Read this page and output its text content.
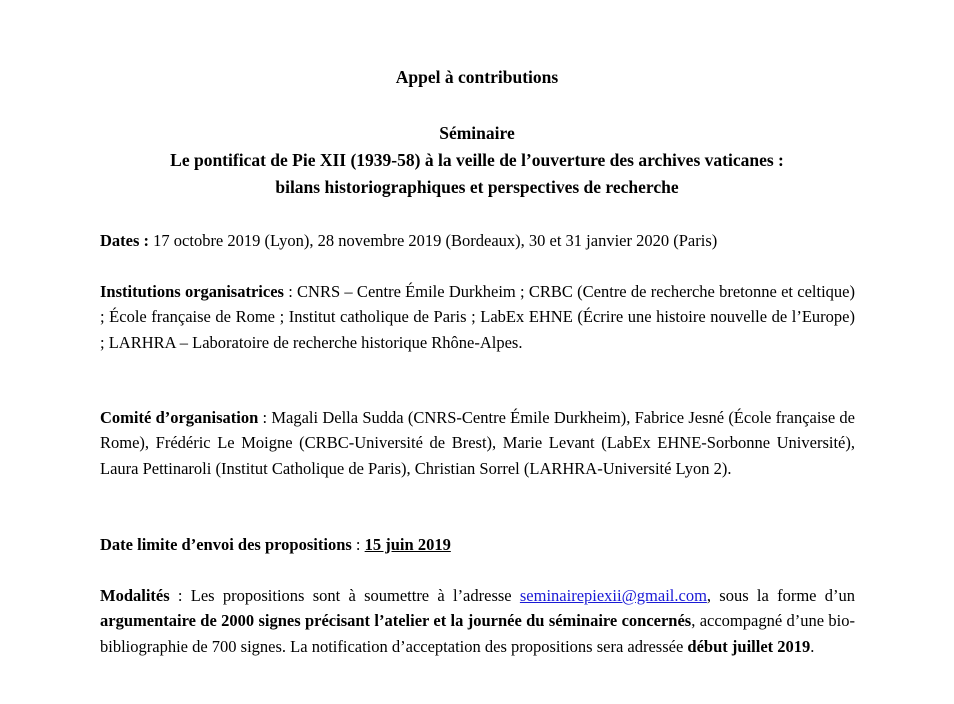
Appel à contributions
Séminaire
Le pontificat de Pie XII (1939-58) à la veille de l’ouverture des archives vaticanes :
bilans historiographiques et perspectives de recherche
Dates : 17 octobre 2019 (Lyon), 28 novembre 2019 (Bordeaux), 30 et 31 janvier 2020 (Paris)
Institutions organisatrices : CNRS – Centre Émile Durkheim ; CRBC (Centre de recherche bretonne et celtique) ; École française de Rome ; Institut catholique de Paris ; LabEx EHNE (Écrire une histoire nouvelle de l’Europe) ; LARHRA – Laboratoire de recherche historique Rhône-Alpes.
Comité d’organisation : Magali Della Sudda (CNRS-Centre Émile Durkheim), Fabrice Jesné (École française de Rome), Frédéric Le Moigne (CRBC-Université de Brest), Marie Levant (LabEx EHNE-Sorbonne Université), Laura Pettinaroli (Institut Catholique de Paris), Christian Sorrel (LARHRA-Université Lyon 2).
Date limite d’envoi des propositions : 15 juin 2019
Modalités : Les propositions sont à soumettre à l’adresse seminairepiexii@gmail.com, sous la forme d’un argumentaire de 2000 signes précisant l’atelier et la journée du séminaire concernés, accompagné d’une bio-bibliographie de 700 signes. La notification d’acceptation des propositions sera adressée début juillet 2019.
